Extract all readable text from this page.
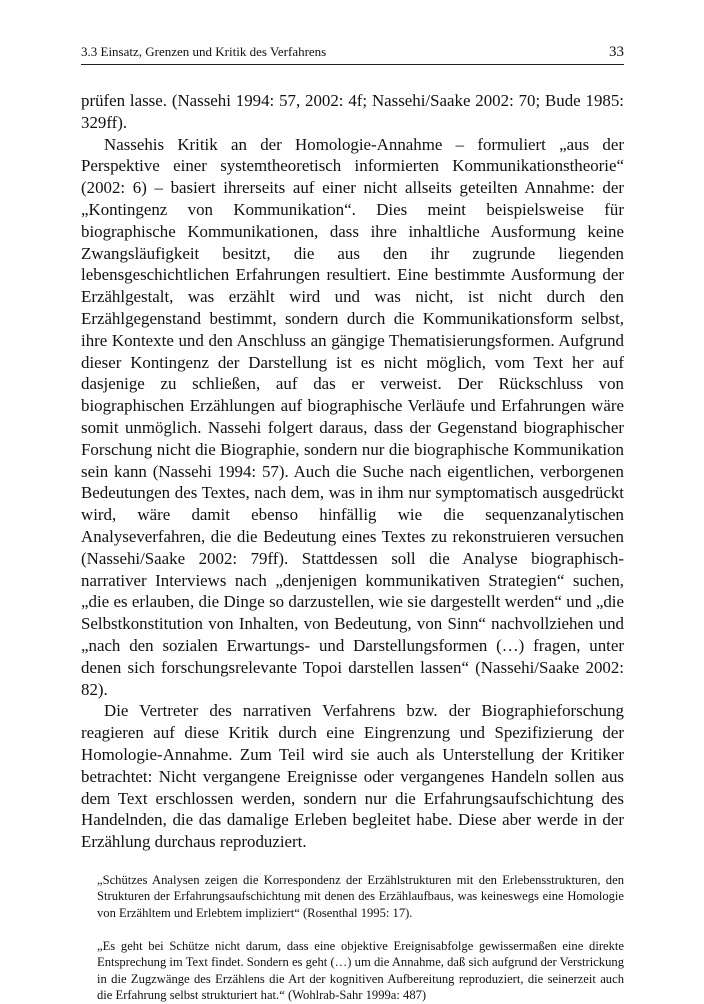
3.3 Einsatz, Grenzen und Kritik des Verfahrens	33

prüfen lasse. (Nassehi 1994: 57, 2002: 4f; Nassehi/Saake 2002: 70; Bude 1985: 329ff).

Nassehis Kritik an der Homologie-Annahme – formuliert „aus der Perspektive einer systemtheoretisch informierten Kommunikationstheorie“ (2002: 6) – basiert ihrerseits auf einer nicht allseits geteilten Annahme: der „Kontingenz von Kommunikation“. Dies meint beispielsweise für biographische Kommunikationen, dass ihre inhaltliche Ausformung keine Zwangsläufigkeit besitzt, die aus den ihr zugrunde liegenden lebensgeschichtlichen Erfahrungen resultiert. Eine bestimmte Ausformung der Erzählgestalt, was erzählt wird und was nicht, ist nicht durch den Erzählgegenstand bestimmt, sondern durch die Kommunikationsform selbst, ihre Kontexte und den Anschluss an gängige Thematisierungsformen. Aufgrund dieser Kontingenz der Darstellung ist es nicht möglich, vom Text her auf dasjenige zu schließen, auf das er verweist. Der Rückschluss von biographischen Erzählungen auf biographische Verläufe und Erfahrungen wäre somit unmöglich. Nassehi folgert daraus, dass der Gegenstand biographischer Forschung nicht die Biographie, sondern nur die biographische Kommunikation sein kann (Nassehi 1994: 57). Auch die Suche nach eigentlichen, verborgenen Bedeutungen des Textes, nach dem, was in ihm nur symptomatisch ausgedrückt wird, wäre damit ebenso hinfällig wie die sequenzanalytischen Analyseverfahren, die die Bedeutung eines Textes zu rekonstruieren versuchen (Nassehi/Saake 2002: 79ff). Stattdessen soll die Analyse biographisch-narrativer Interviews nach „denjenigen kommunikativen Strategien“ suchen, „die es erlauben, die Dinge so darzustellen, wie sie dargestellt werden“ und „die Selbstkonstitution von Inhalten, von Bedeutung, von Sinn“ nachvollziehen und „nach den sozialen Erwartungs- und Darstellungsformen (…) fragen, unter denen sich forschungsrelevante Topoi darstellen lassen“ (Nassehi/Saake 2002: 82).

Die Vertreter des narrativen Verfahrens bzw. der Biographieforschung reagieren auf diese Kritik durch eine Eingrenzung und Spezifizierung der Homologie-Annahme. Zum Teil wird sie auch als Unterstellung der Kritiker betrachtet: Nicht vergangene Ereignisse oder vergangenes Handeln sollen aus dem Text erschlossen werden, sondern nur die Erfahrungsaufschichtung des Handelnden, die das damalige Erleben begleitet habe. Diese aber werde in der Erzählung durchaus reproduziert.

„Schützes Analysen zeigen die Korrespondenz der Erzählstrukturen mit den Erlebensstrukturen, den Strukturen der Erfahrungsaufschichtung mit denen des Erzählaufbaus, was keineswegs eine Homologie von Erzähltem und Erlebtem impliziert“ (Rosenthal 1995: 17).
„Es geht bei Schütze nicht darum, dass eine objektive Ereignisabfolge gewissermaßen eine direkte Entsprechung im Text findet. Sondern es geht (…) um die Annahme, daß sich aufgrund der Verstrickung in die Zugzwänge des Erzählens die Art der kognitiven Aufbereitung reproduziert, die seinerzeit auch die Erfahrung selbst strukturiert hat.“ (Wohlrab-Sahr 1999a: 487)
